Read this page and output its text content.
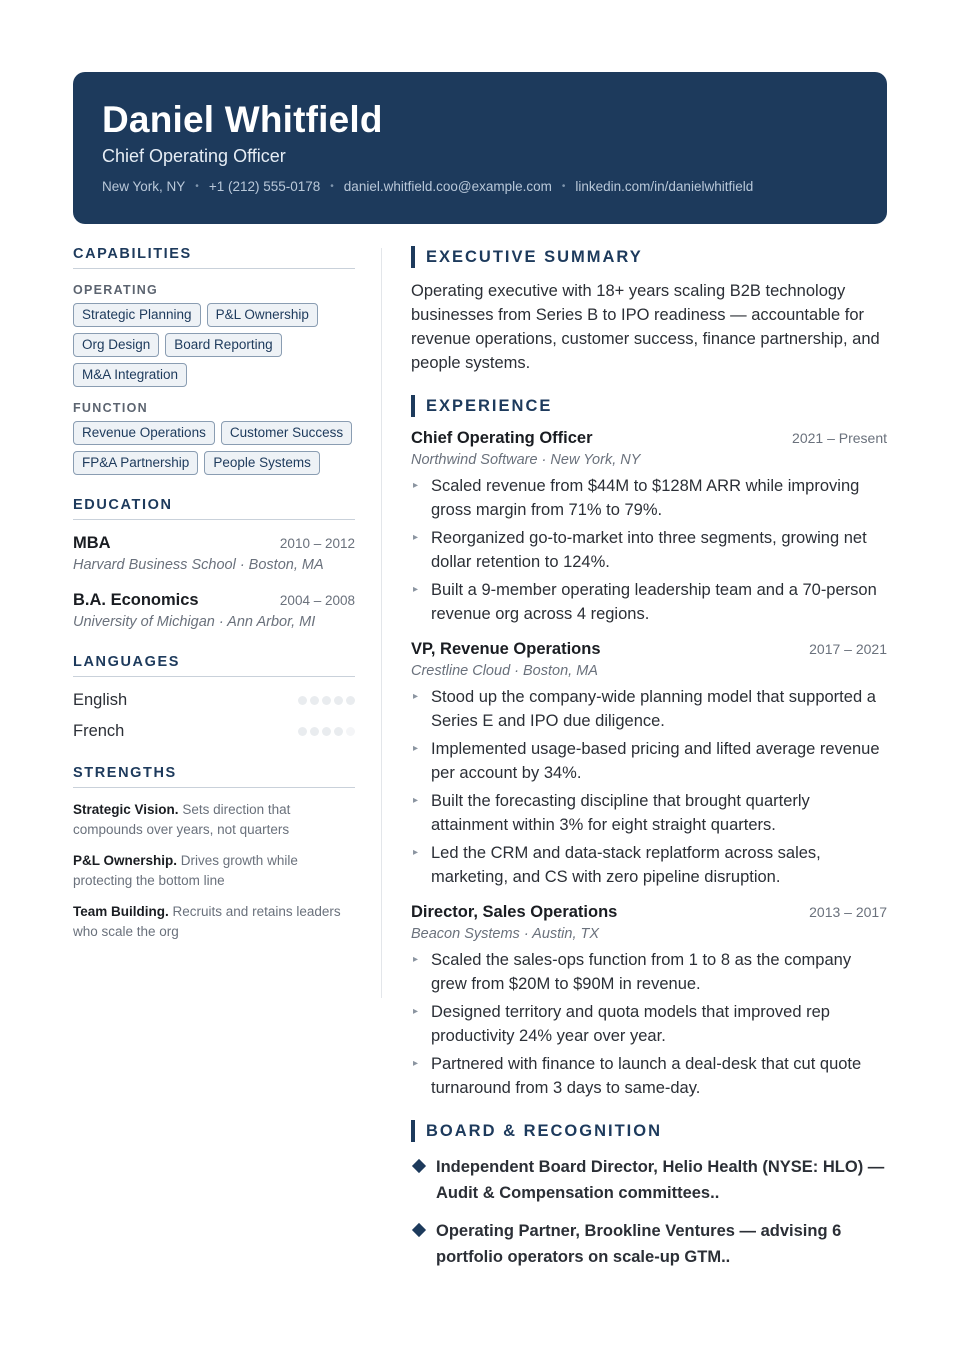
Daniel Whitfield
Chief Operating Officer
New York, NY • +1 (212) 555-0178 • daniel.whitfield.coo@example.com • linkedin.com/in/danielwhitfield
CAPABILITIES
OPERATING
Strategic Planning	P&L Ownership
Org Design	Board Reporting
M&A Integration
FUNCTION
Revenue Operations	Customer Success
FP&A Partnership	People Systems
EDUCATION
MBA	2010 – 2012
Harvard Business School · Boston, MA
B.A. Economics	2004 – 2008
University of Michigan · Ann Arbor, MI
LANGUAGES
English
French
STRENGTHS
Strategic Vision. Sets direction that compounds over years, not quarters
P&L Ownership. Drives growth while protecting the bottom line
Team Building. Recruits and retains leaders who scale the org
EXECUTIVE SUMMARY
Operating executive with 18+ years scaling B2B technology businesses from Series B to IPO readiness — accountable for revenue operations, customer success, finance partnership, and people systems.
EXPERIENCE
Chief Operating Officer	2021 – Present
Northwind Software · New York, NY
▸ Scaled revenue from $44M to $128M ARR while improving gross margin from 71% to 79%.
▸ Reorganized go-to-market into three segments, growing net dollar retention to 124%.
▸ Built a 9-member operating leadership team and a 70-person revenue org across 4 regions.
VP, Revenue Operations	2017 – 2021
Crestline Cloud · Boston, MA
▸ Stood up the company-wide planning model that supported a Series E and IPO due diligence.
▸ Implemented usage-based pricing and lifted average revenue per account by 34%.
▸ Built the forecasting discipline that brought quarterly attainment within 3% for eight straight quarters.
▸ Led the CRM and data-stack replatform across sales, marketing, and CS with zero pipeline disruption.
Director, Sales Operations	2013 – 2017
Beacon Systems · Austin, TX
▸ Scaled the sales-ops function from 1 to 8 as the company grew from $20M to $90M in revenue.
▸ Designed territory and quota models that improved rep productivity 24% year over year.
▸ Partnered with finance to launch a deal-desk that cut quote turnaround from 3 days to same-day.
BOARD & RECOGNITION
Independent Board Director, Helio Health (NYSE: HLO) — Audit & Compensation committees..
Operating Partner, Brookline Ventures — advising 6 portfolio operators on scale-up GTM..
